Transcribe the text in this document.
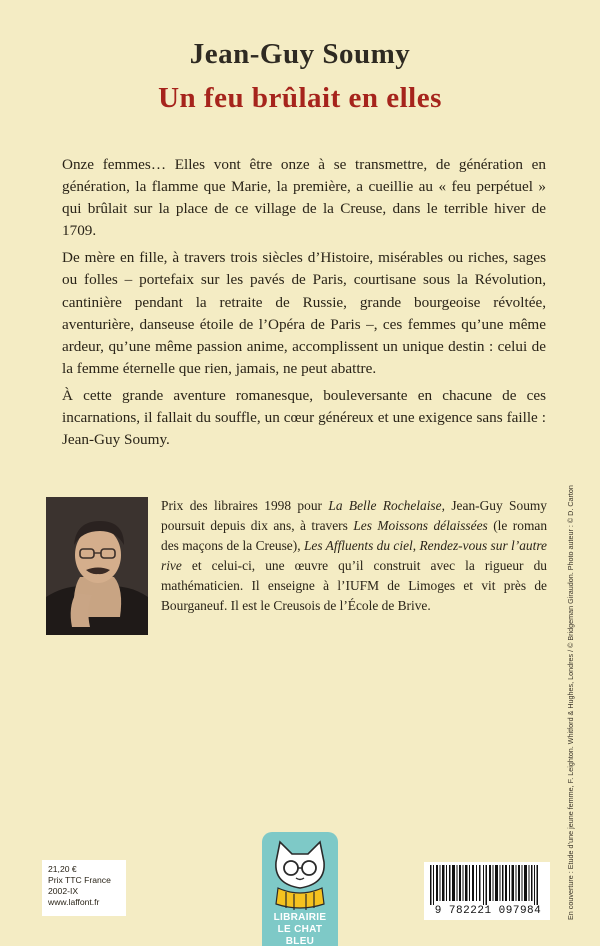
Jean-Guy Soumy
Un feu brûlait en elles

Onze femmes… Elles vont être onze à se transmettre, de génération en génération, la flamme que Marie, la première, a cueillie au « feu perpétuel » qui brûlait sur la place de ce village de la Creuse, dans le terrible hiver de 1709.

De mère en fille, à travers trois siècles d’Histoire, misérables ou riches, sages ou folles – portefaix sur les pavés de Paris, courtisane sous la Révolution, cantinière pendant la retraite de Russie, grande bourgeoise révoltée, aventurière, danseuse étoile de l’Opéra de Paris –, ces femmes qu’une même ardeur, qu’une même passion anime, accomplissent un unique destin : celui de la femme éternelle que rien, jamais, ne peut abattre.

À cette grande aventure romanesque, bouleversante en chacune de ces incarnations, il fallait du souffle, un cœur généreux et une exigence sans faille : Jean-Guy Soumy.

Prix des libraires 1998 pour La Belle Rochelaise, Jean-Guy Soumy poursuit depuis dix ans, à travers Les Moissons délaissées (le roman des maçons de la Creuse), Les Affluents du ciel, Rendez-vous sur l’autre rive et celui-ci, une œuvre qu’il construit avec la rigueur du mathématicien. Il enseigne à l’IUFM de Limoges et vit près de Bourganeuf. Il est le Creusois de l’École de Brive.	En couverture : Etude d’une jeune femme, F. Leighton. Whitford & Hughes, Londres / © Bridgeman Giraudon. Photo auteur : © D. Carton
21,20 €
Prix TTC France
2002-IX
www.laffont.fr
LIBRAIRIE
LE CHAT BLEU
9 782221 097984
